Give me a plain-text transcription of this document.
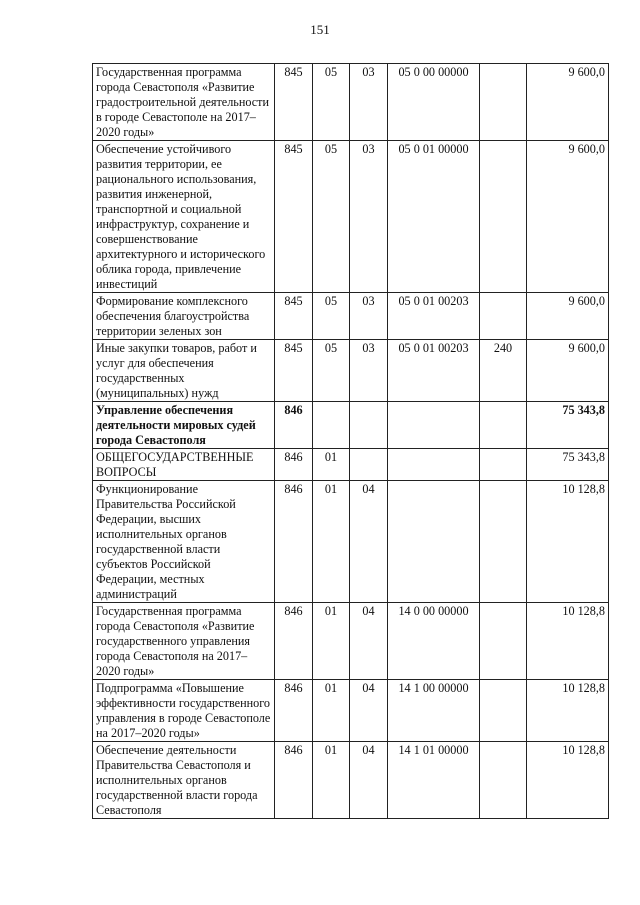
151
Государственная программа города Севастополя «Развитие градостроительной деятельности в городе Севастополе на 2017–2020 годы»	845	05	03	05 0 00 00000		9 600,0
Обеспечение устойчивого развития территории, ее рационального использования, развития инженерной, транспортной и социальной инфраструктур, сохранение и совершенствование архитектурного и исторического облика города, привлечение инвестиций	845	05	03	05 0 01 00000		9 600,0
Формирование комплексного обеспечения благоустройства территории зеленых зон	845	05	03	05 0 01 00203		9 600,0
Иные закупки товаров, работ и услуг для обеспечения государственных (муниципальных) нужд	845	05	03	05 0 01 00203	240	9 600,0
Управление обеспечения деятельности мировых судей города Севастополя	846					75 343,8
ОБЩЕГОСУДАРСТВЕННЫЕ ВОПРОСЫ	846	01				75 343,8
Функционирование Правительства Российской Федерации, высших исполнительных органов государственной власти субъектов Российской Федерации, местных администраций	846	01	04			10 128,8
Государственная программа города Севастополя «Развитие государственного управления города Севастополя на 2017–2020 годы»	846	01	04	14 0 00 00000		10 128,8
Подпрограмма «Повышение эффективности государственного управления в городе Севастополе на 2017–2020 годы»	846	01	04	14 1 00 00000		10 128,8
Обеспечение деятельности Правительства Севастополя и исполнительных органов государственной власти города Севастополя	846	01	04	14 1 01 00000		10 128,8
